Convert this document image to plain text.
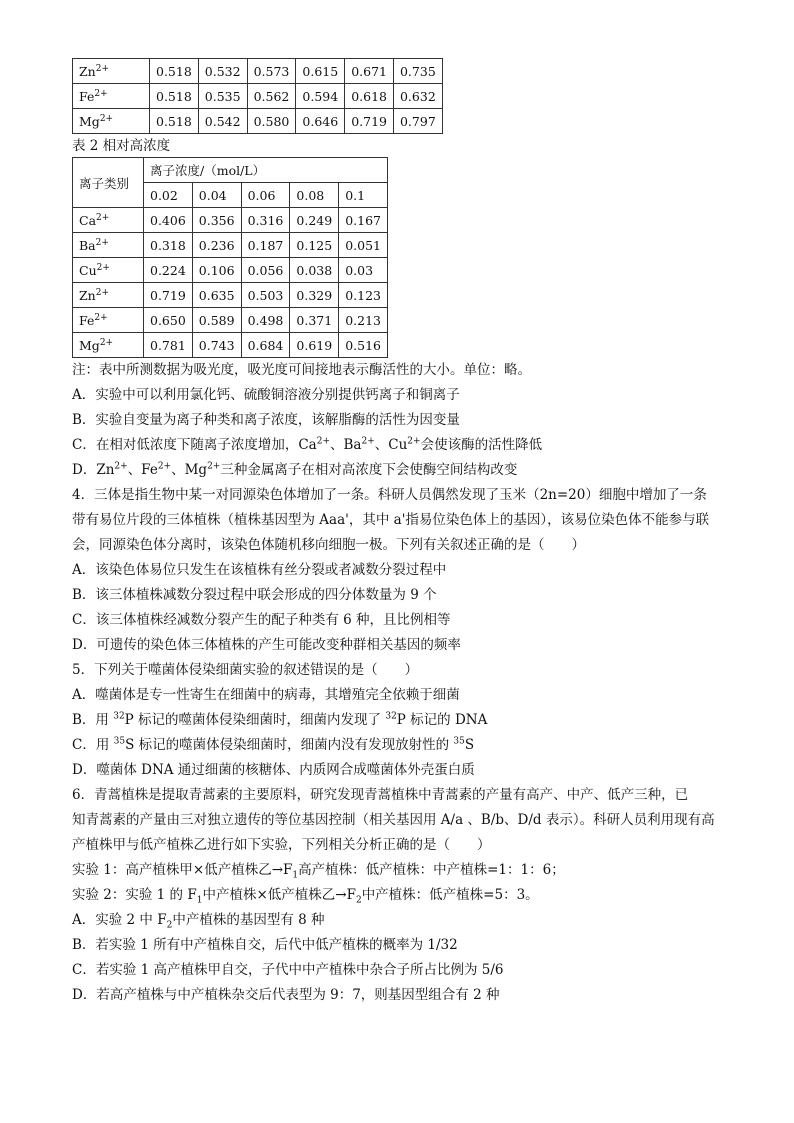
$Zn^{2+}$	0.518	0.532	0.573	0.615	0.671	0.735
$Fe^{2+}$	0.518	0.535	0.562	0.594	0.618	0.632
$Mg^{2+}$	0.518	0.542	0.580	0.646	0.719	0.797
表 2 相对高浓度
离子类别	离子浓度/（mol/L）				
	0.02	0.04	0.06	0.08	0.1
$Ca^{2+}$	0.406	0.356	0.316	0.249	0.167
$Ba^{2+}$	0.318	0.236	0.187	0.125	0.051
$Cu^{2+}$	0.224	0.106	0.056	0.038	0.03
$Zn^{2+}$	0.719	0.635	0.503	0.329	0.123
$Fe^{2+}$	0.650	0.589	0.498	0.371	0.213
$Mg^{2+}$	0.781	0.743	0.684	0.619	0.516
注：表中所测数据为吸光度，吸光度可间接地表示酶活性的大小。单位：略。
A．实验中可以利用氯化钙、硫酸铜溶液分别提供钙离子和铜离子
B．实验自变量为离子种类和离子浓度，该解脂酶的活性为因变量
C．在相对低浓度下随离子浓度增加，$Ca^{2+}$、$Ba^{2+}$、$Cu^{2+}$会使该酶的活性降低
D．$Zn^{2+}$、$Fe^{2+}$、$Mg^{2+}$三种金属离子在相对高浓度下会使酶空间结构改变
4．三体是指生物中某一对同源染色体增加了一条。科研人员偶然发现了玉米（2n=20）细胞中增加了一条
带有易位片段的三体植株（植株基因型为 Aaa'，其中 a'指易位染色体上的基因），该易位染色体不能参与联
会，同源染色体分离时，该染色体随机移向细胞一极。下列有关叙述正确的是（　　）
A．该染色体易位只发生在该植株有丝分裂或者减数分裂过程中
B．该三体植株减数分裂过程中联会形成的四分体数量为 9 个
C．该三体植株经减数分裂产生的配子种类有 6 种，且比例相等
D．可遗传的染色体三体植株的产生可能改变种群相关基因的频率
5．下列关于噬菌体侵染细菌实验的叙述错误的是（　　）
A．噬菌体是专一性寄生在细菌中的病毒，其增殖完全依赖于细菌
B．用 $^{32}$P 标记的噬菌体侵染细菌时，细菌内发现了 $^{32}$P 标记的 DNA
C．用 $^{35}$S 标记的噬菌体侵染细菌时，细菌内没有发现放射性的 $^{35}$S
D．噬菌体 DNA 通过细菌的核糖体、内质网合成噬菌体外壳蛋白质
6．青蒿植株是提取青蒿素的主要原料，研究发现青蒿植株中青蒿素的产量有高产、中产、低产三种，已
知青蒿素的产量由三对独立遗传的等位基因控制（相关基因用 A/a 、B/b、D/d 表示）。科研人员利用现有高
产植株甲与低产植株乙进行如下实验，下列相关分析正确的是（　　）
实验 1：高产植株甲×低产植株乙$\to F_1$高产植株：低产植株：中产植株=1：1：6；
实验 2：实验 1 的 $F_1$中产植株×低产植株乙$\to F_2$中产植株：低产植株=5：3。
A．实验 2 中 $F_2$中产植株的基因型有 8 种
B．若实验 1 所有中产植株自交，后代中低产植株的概率为 1/32
C．若实验 1 高产植株甲自交，子代中中产植株中杂合子所占比例为 5/6
D．若高产植株与中产植株杂交后代表型为 9：7，则基因型组合有 2 种
